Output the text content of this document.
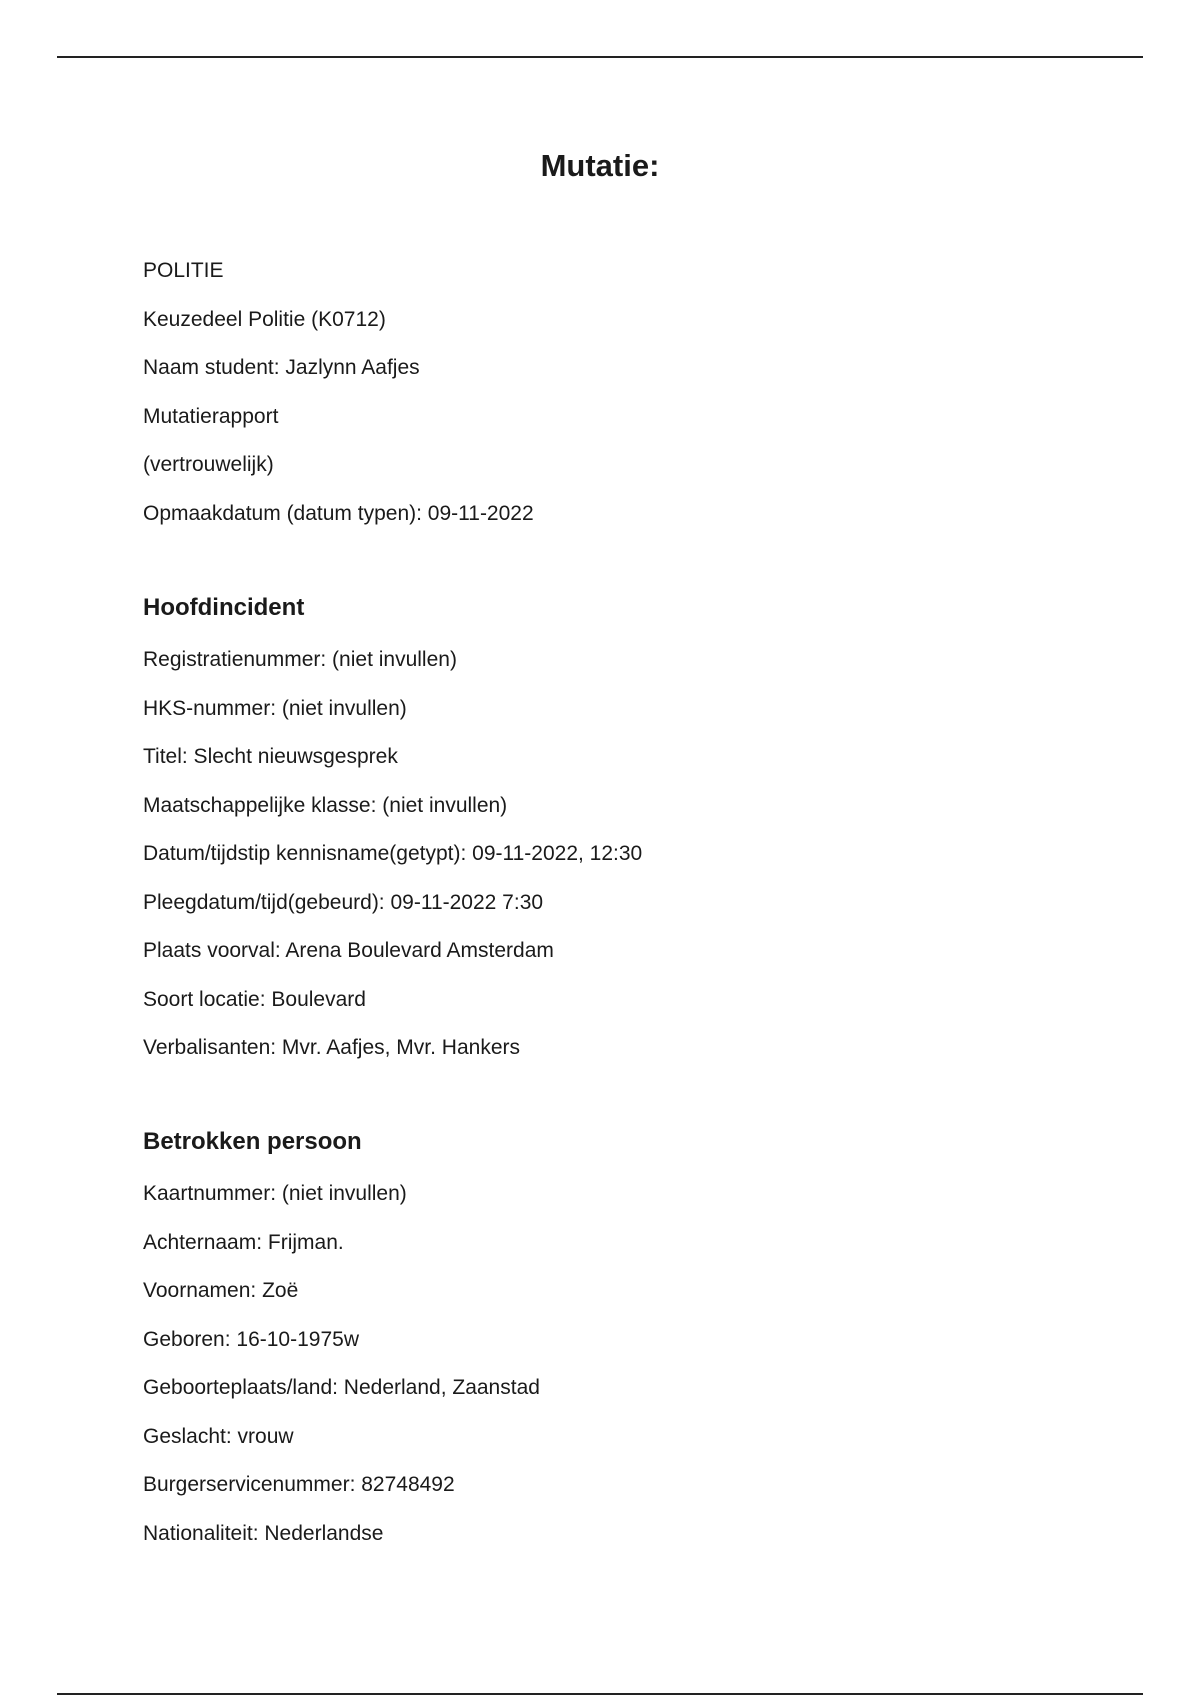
Mutatie:
POLITIE
Keuzedeel Politie (K0712)
Naam student: Jazlynn Aafjes
Mutatierapport
(vertrouwelijk)
Opmaakdatum (datum typen): 09-11-2022
Hoofdincident
Registratienummer: (niet invullen)
HKS-nummer: (niet invullen)
Titel: Slecht nieuwsgesprek
Maatschappelijke klasse: (niet invullen)
Datum/tijdstip kennisname(getypt): 09-11-2022, 12:30
Pleegdatum/tijd(gebeurd): 09-11-2022 7:30
Plaats voorval: Arena Boulevard Amsterdam
Soort locatie: Boulevard
Verbalisanten: Mvr. Aafjes, Mvr. Hankers
Betrokken persoon
Kaartnummer: (niet invullen)
Achternaam: Frijman.
Voornamen: Zoë
Geboren: 16-10-1975w
Geboorteplaats/land: Nederland, Zaanstad
Geslacht: vrouw
Burgerservicenummer: 82748492
Nationaliteit: Nederlandse
